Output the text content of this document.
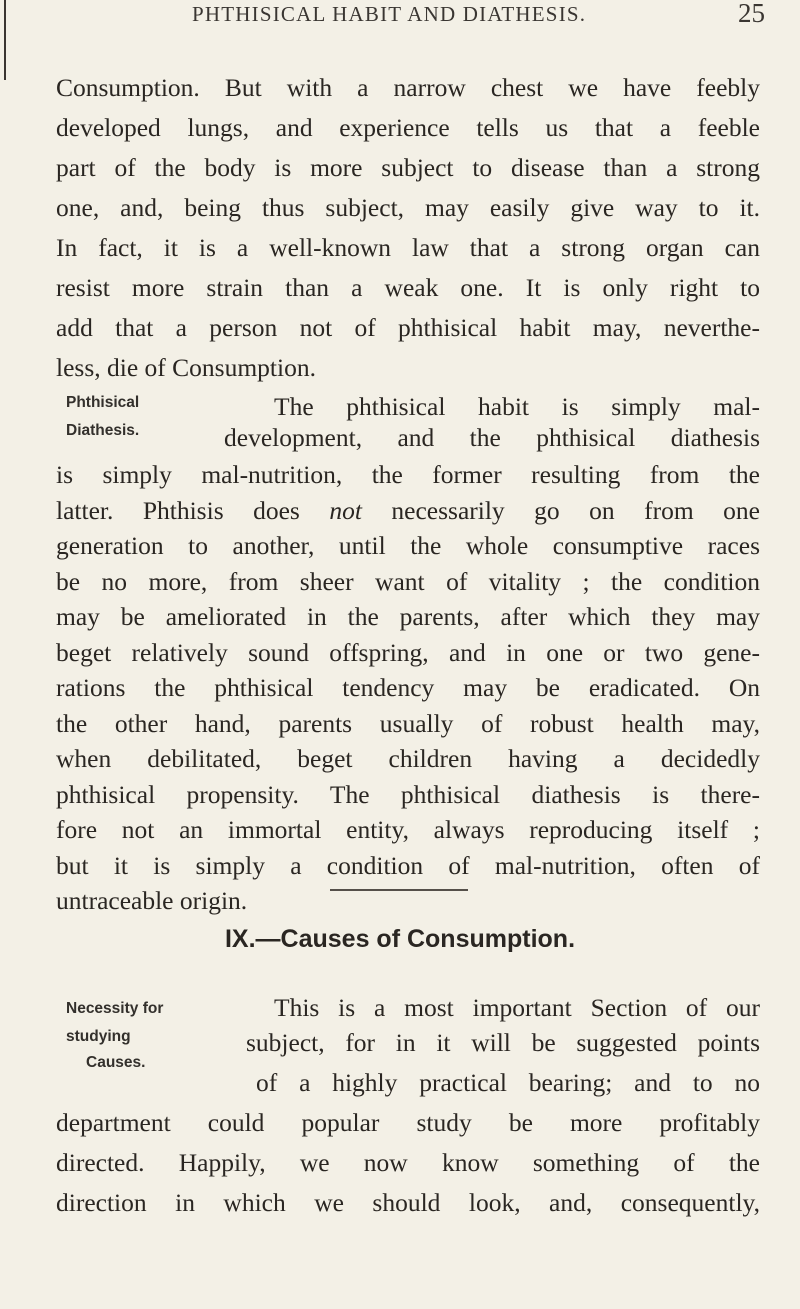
PHTHISICAL HABIT AND DIATHESIS.	25
Consumption. But with a narrow chest we have feebly
developed lungs, and experience tells us that a feeble
part of the body is more subject to disease than a strong
one, and, being thus subject, may easily give way to it.
In fact, it is a well-known law that a strong organ can
resist more strain than a weak one. It is only right to
add that a person not of phthisical habit may, neverthe-
less, die of Consumption.
Phthisical
Diathesis.
The phthisical habit is simply mal-
development, and the phthisical diathesis
is simply mal-nutrition, the former resulting from the
latter. Phthisis does not necessarily go on from one
generation to another, until the whole consumptive races
be no more, from sheer want of vitality ; the condition
may be ameliorated in the parents, after which they may
beget relatively sound offspring, and in one or two gene-
rations the phthisical tendency may be eradicated. On
the other hand, parents usually of robust health may,
when debilitated, beget children having a decidedly
phthisical propensity. The phthisical diathesis is there-
fore not an immortal entity, always reproducing itself ;
but it is simply a condition of mal-nutrition, often of
untraceable origin.
IX.—Causes of Consumption.
Necessity for
studying
Causes.
This is a most important Section of our
subject, for in it will be suggested points
of a highly practical bearing; and to no
department could popular study be more profitably
directed. Happily, we now know something of the
direction in which we should look, and, consequently,
